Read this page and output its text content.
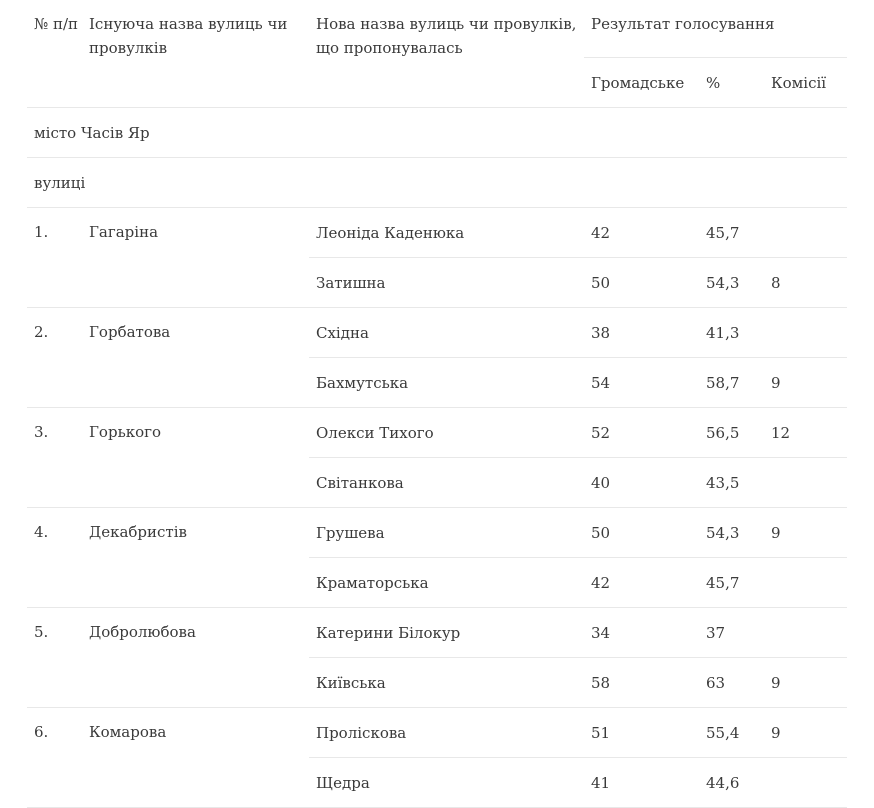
№ п/п	Існуюча назва вулиць чи провулків	Нова назва вулиць чи провулків, що пропонувалась	Результат голосування		
			Громадське	%	Комісії
місто Часів Яр					
вулиці					
1.	Гагаріна	Леоніда Каденюка	42	45,7	
		Затишна	50	54,3	8
2.	Горбатова	Східна	38	41,3	
		Бахмутська	54	58,7	9
3.	Горького	Олекси Тихого	52	56,5	12
		Світанкова	40	43,5	
4.	Декабристів	Грушева	50	54,3	9
		Краматорська	42	45,7	
5.	Добролюбова	Катерини Білокур	34	37	
		Київська	58	63	9
6.	Комарова	Пролiскова	51	55,4	9
		Щедра	41	44,6	
